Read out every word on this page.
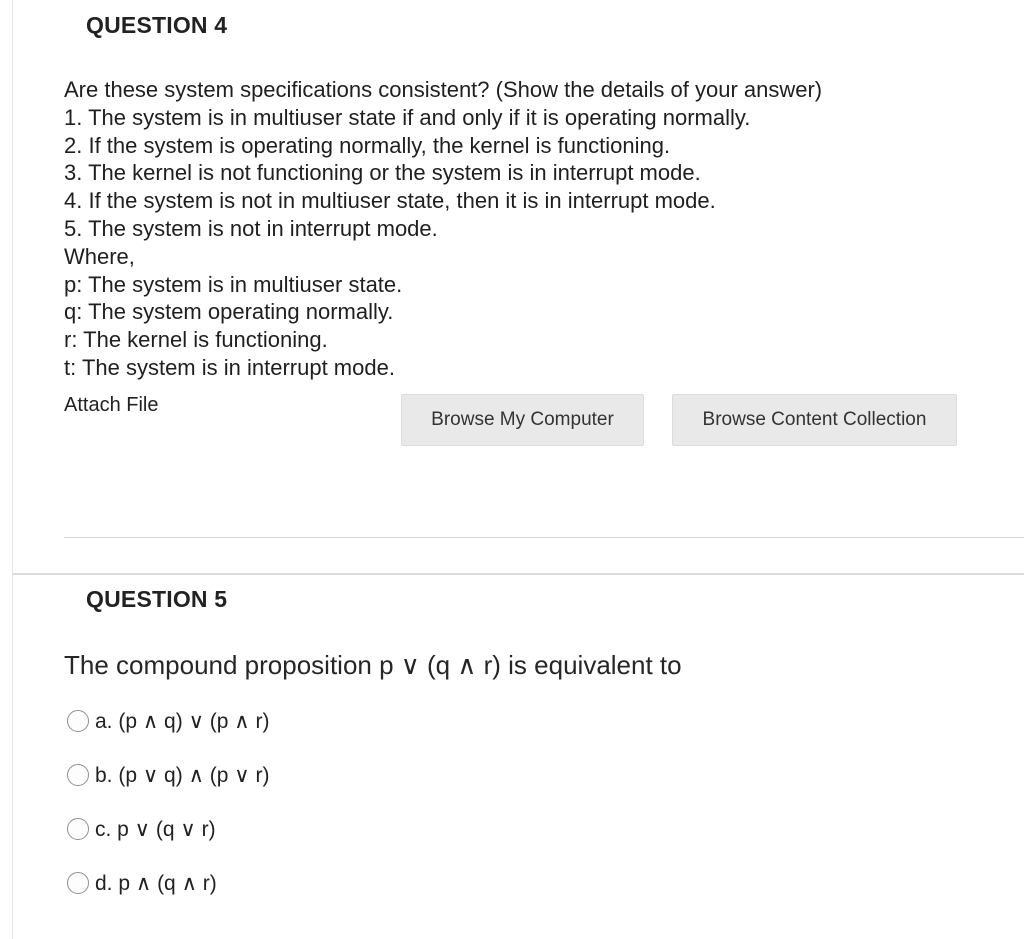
QUESTION 4
Are these system specifications consistent? (Show the details of your answer)
1. The system is in multiuser state if and only if it is operating normally.
2. If the system is operating normally, the kernel is functioning.
3. The kernel is not functioning or the system is in interrupt mode.
4. If the system is not in multiuser state, then it is in interrupt mode.
5. The system is not in interrupt mode.
Where,
p: The system is in multiuser state.
q: The system operating normally.
r: The kernel is functioning.
t: The system is in interrupt mode.
Attach File
Browse My Computer	Browse Content Collection
QUESTION 5
The compound proposition p ∨ (q ∧ r) is equivalent to
a. (p ∧ q) ∨ (p ∧ r)
b. (p ∨ q) ∧ (p ∨ r)
c. p ∨ (q ∨ r)
d. p ∧ (q ∧ r)
